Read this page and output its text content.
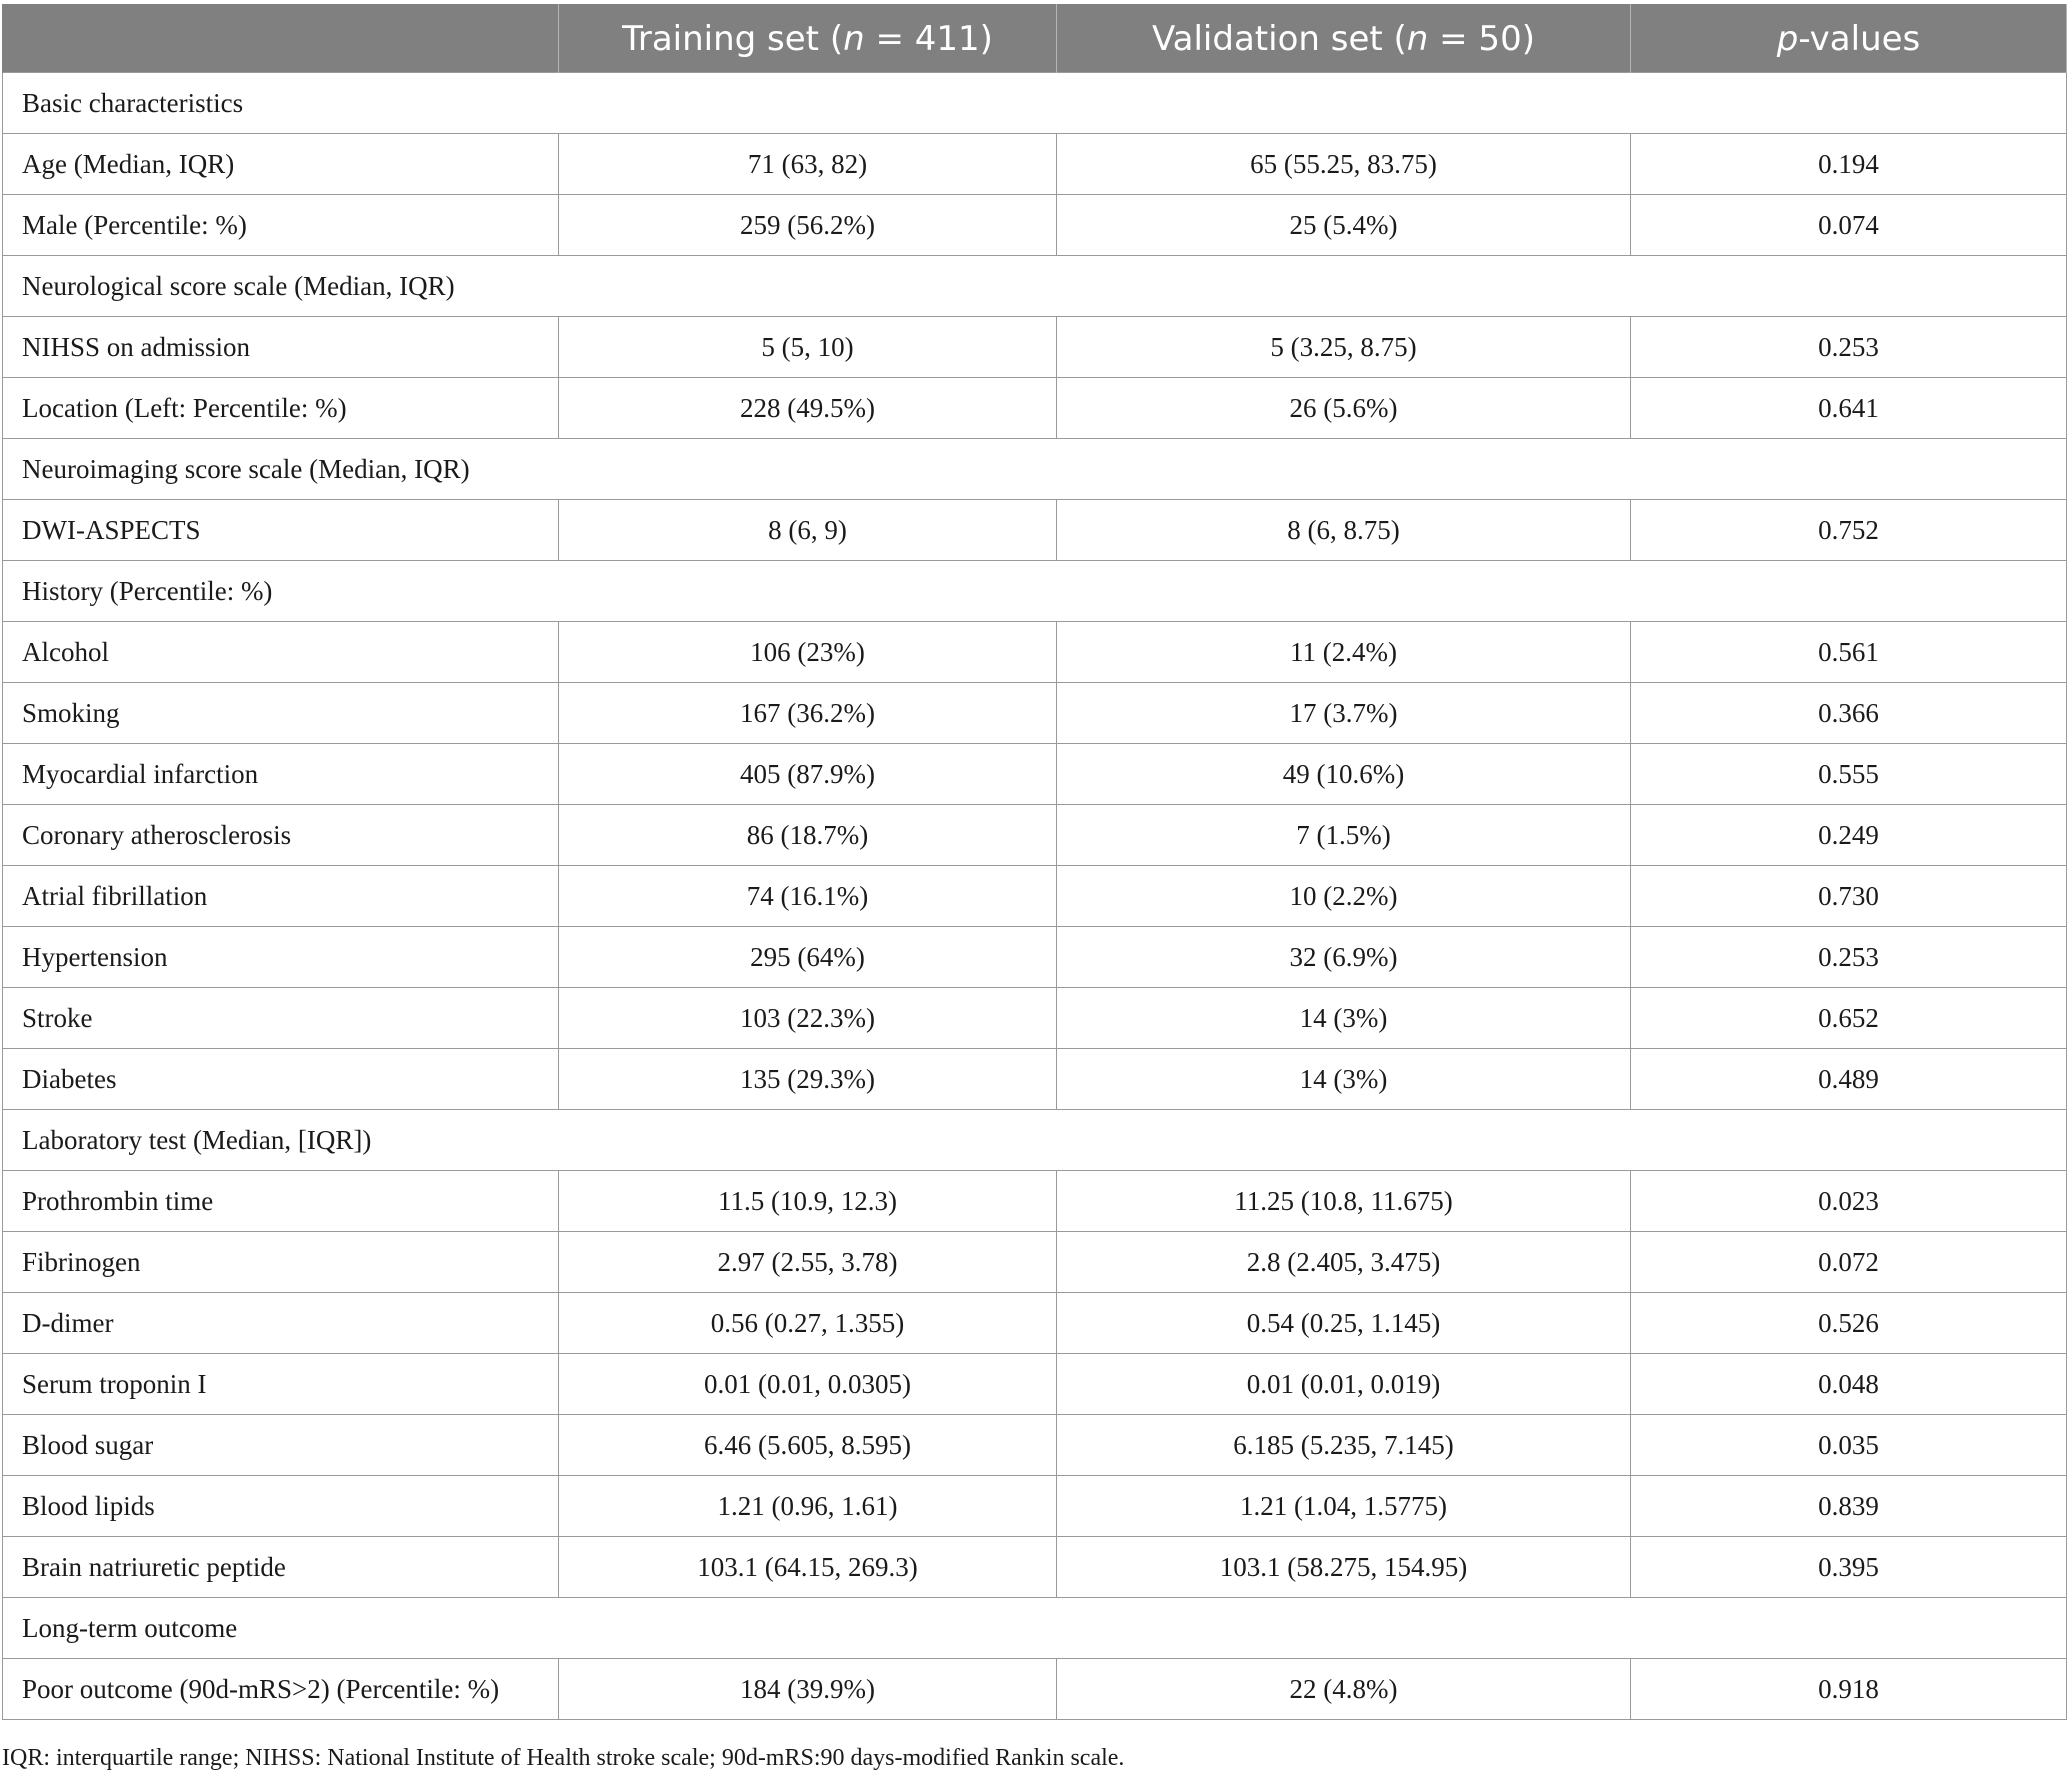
	Training set (n = 411)	Validation set (n = 50)	p-values
Basic characteristics			
Age (Median, IQR)	71 (63, 82)	65 (55.25, 83.75)	0.194
Male (Percentile: %)	259 (56.2%)	25 (5.4%)	0.074
Neurological score scale (Median, IQR)			
NIHSS on admission	5 (5, 10)	5 (3.25, 8.75)	0.253
Location (Left: Percentile: %)	228 (49.5%)	26 (5.6%)	0.641
Neuroimaging score scale (Median, IQR)			
DWI-ASPECTS	8 (6, 9)	8 (6, 8.75)	0.752
History (Percentile: %)			
Alcohol	106 (23%)	11 (2.4%)	0.561
Smoking	167 (36.2%)	17 (3.7%)	0.366
Myocardial infarction	405 (87.9%)	49 (10.6%)	0.555
Coronary atherosclerosis	86 (18.7%)	7 (1.5%)	0.249
Atrial fibrillation	74 (16.1%)	10 (2.2%)	0.730
Hypertension	295 (64%)	32 (6.9%)	0.253
Stroke	103 (22.3%)	14 (3%)	0.652
Diabetes	135 (29.3%)	14 (3%)	0.489
Laboratory test (Median, [IQR])			
Prothrombin time	11.5 (10.9, 12.3)	11.25 (10.8, 11.675)	0.023
Fibrinogen	2.97 (2.55, 3.78)	2.8 (2.405, 3.475)	0.072
D-dimer	0.56 (0.27, 1.355)	0.54 (0.25, 1.145)	0.526
Serum troponin I	0.01 (0.01, 0.0305)	0.01 (0.01, 0.019)	0.048
Blood sugar	6.46 (5.605, 8.595)	6.185 (5.235, 7.145)	0.035
Blood lipids	1.21 (0.96, 1.61)	1.21 (1.04, 1.5775)	0.839
Brain natriuretic peptide	103.1 (64.15, 269.3)	103.1 (58.275, 154.95)	0.395
Long-term outcome			
Poor outcome (90d-mRS>2) (Percentile: %)	184 (39.9%)	22 (4.8%)	0.918
IQR: interquartile range; NIHSS: National Institute of Health stroke scale; 90d-mRS:90 days-modified Rankin scale.
